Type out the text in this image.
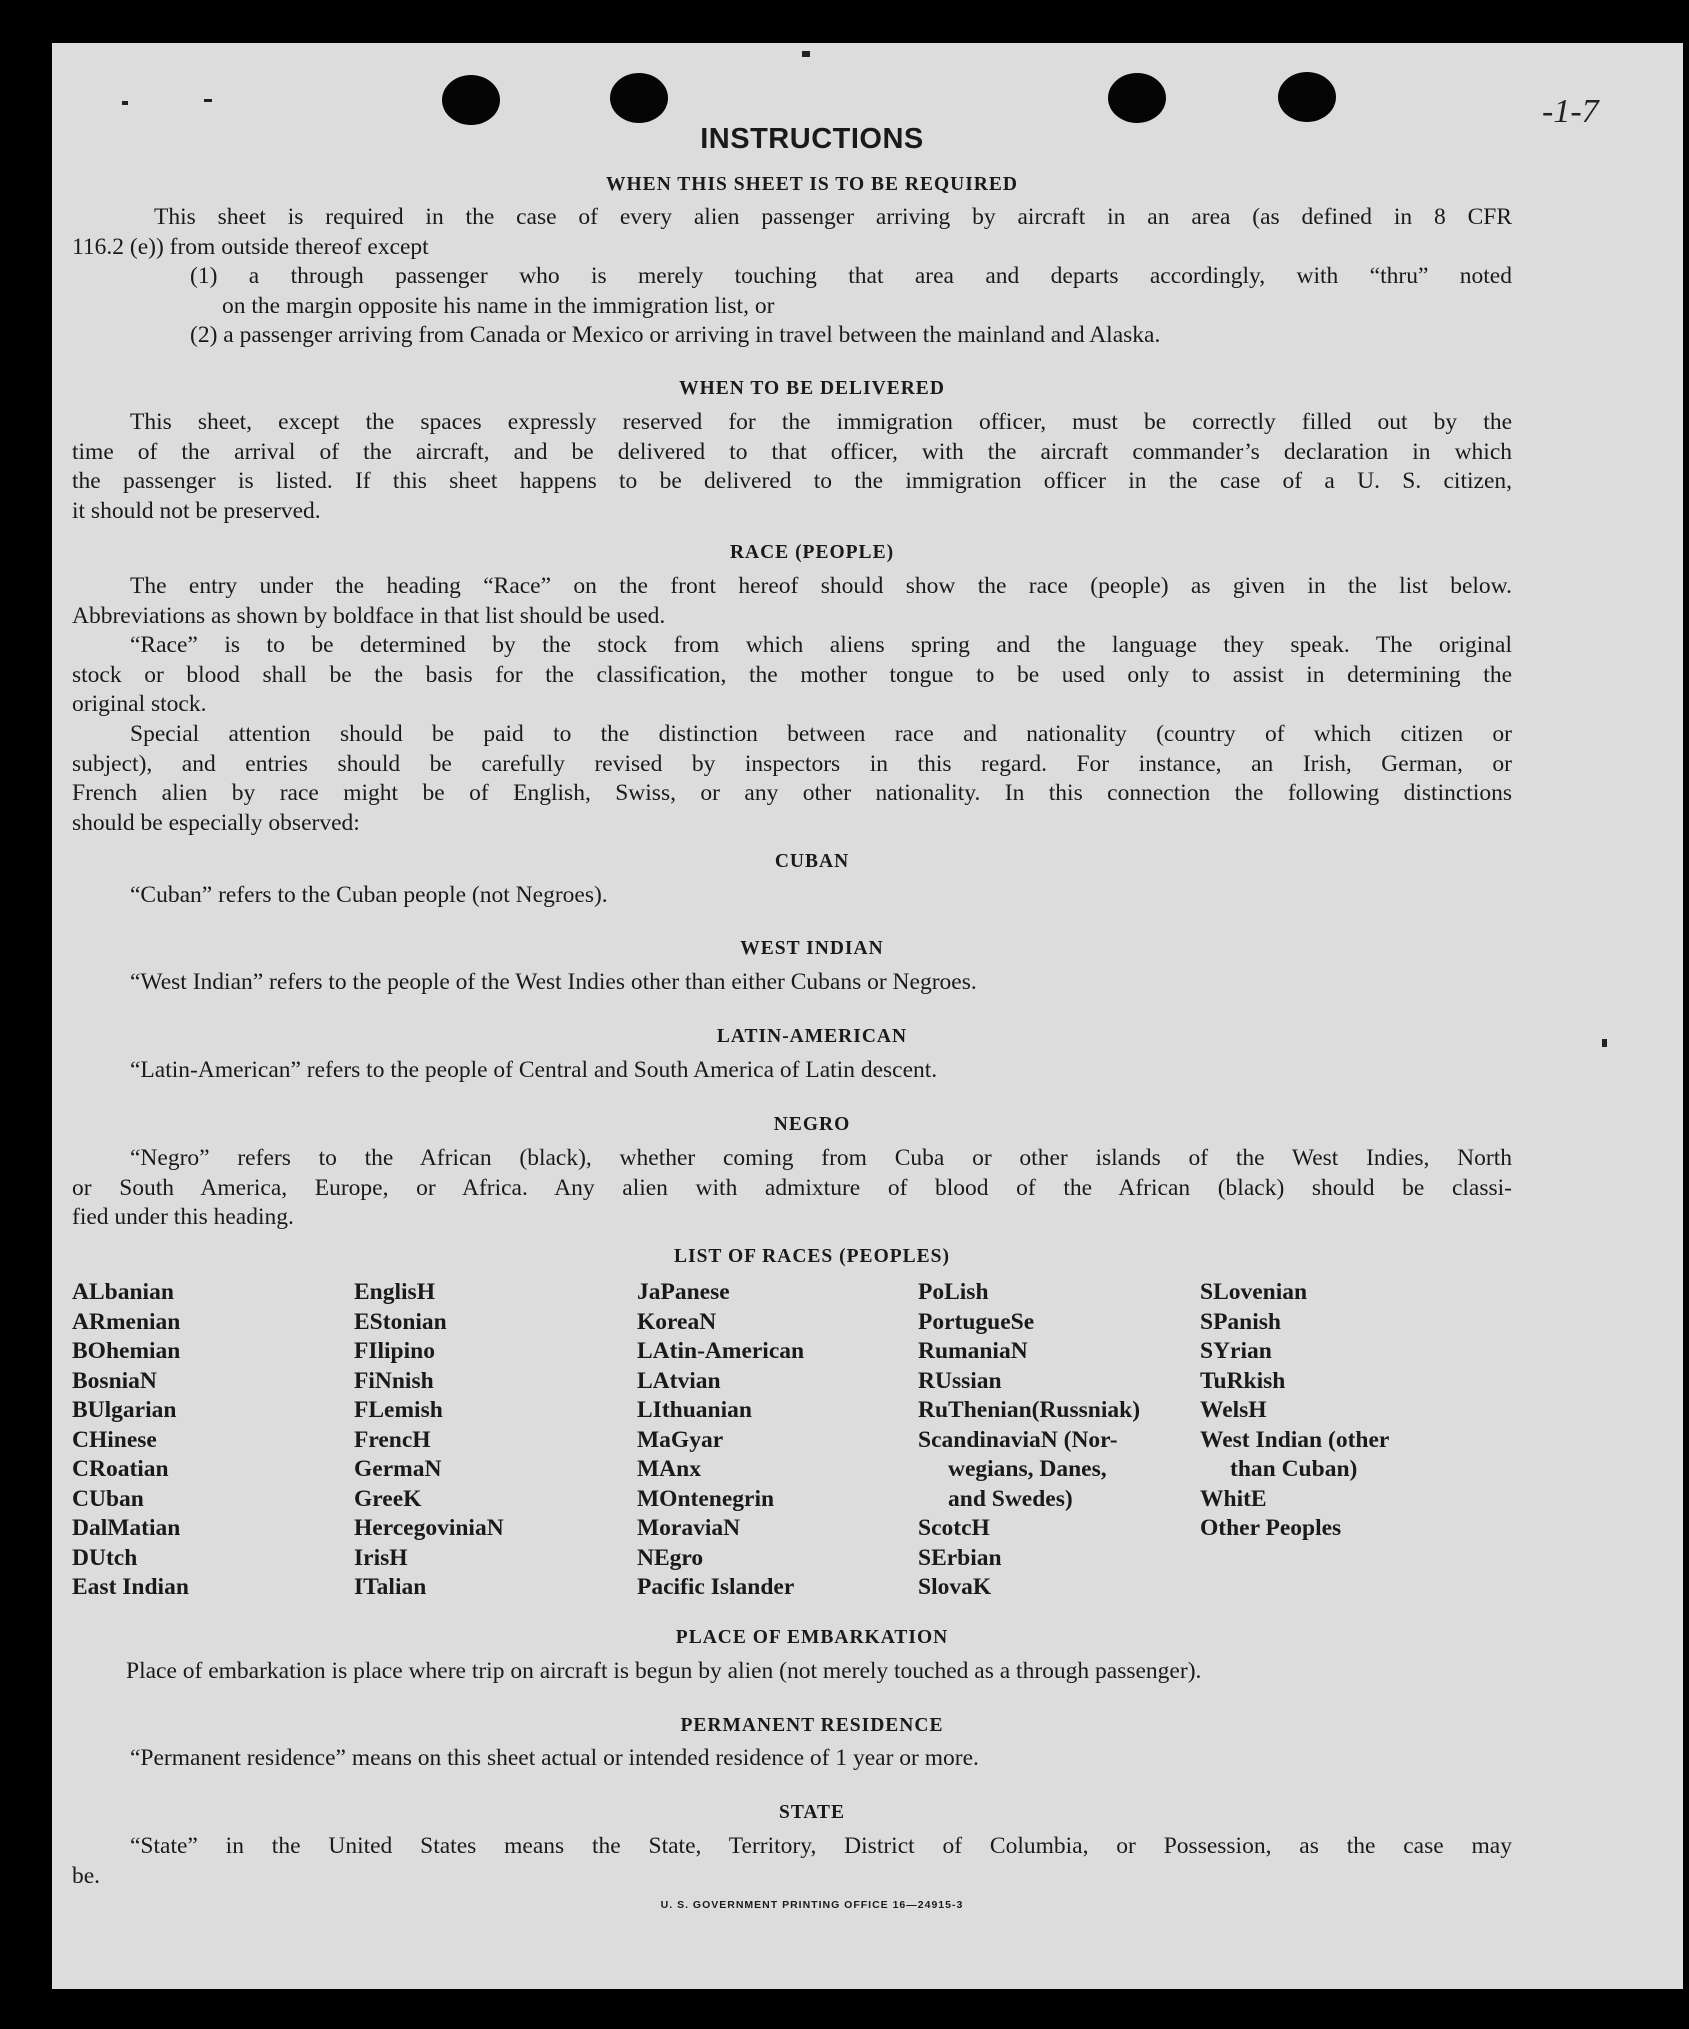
-1-7
INSTRUCTIONS
WHEN THIS SHEET IS TO BE REQUIRED
This sheet is required in the case of every alien passenger arriving by aircraft in an area (as defined in 8 CFR
116.2 (e)) from outside thereof except
(1) a through passenger who is merely touching that area and departs accordingly, with “thru” noted
on the margin opposite his name in the immigration list, or
(2) a passenger arriving from Canada or Mexico or arriving in travel between the mainland and Alaska.
WHEN TO BE DELIVERED
This sheet, except the spaces expressly reserved for the immigration officer, must be correctly filled out by the
time of the arrival of the aircraft, and be delivered to that officer, with the aircraft commander’s declaration in which
the passenger is listed. If this sheet happens to be delivered to the immigration officer in the case of a U. S. citizen,
it should not be preserved.
RACE (PEOPLE)
The entry under the heading “Race” on the front hereof should show the race (people) as given in the list below.
Abbreviations as shown by boldface in that list should be used.
“Race” is to be determined by the stock from which aliens spring and the language they speak. The original
stock or blood shall be the basis for the classification, the mother tongue to be used only to assist in determining the
original stock.
Special attention should be paid to the distinction between race and nationality (country of which citizen or
subject), and entries should be carefully revised by inspectors in this regard. For instance, an Irish, German, or
French alien by race might be of English, Swiss, or any other nationality. In this connection the following distinctions
should be especially observed:
CUBAN
“Cuban” refers to the Cuban people (not Negroes).
WEST INDIAN
“West Indian” refers to the people of the West Indies other than either Cubans or Negroes.
LATIN-AMERICAN
“Latin-American” refers to the people of Central and South America of Latin descent.
NEGRO
“Negro” refers to the African (black), whether coming from Cuba or other islands of the West Indies, North
or South America, Europe, or Africa. Any alien with admixture of blood of the African (black) should be classi-
fied under this heading.
LIST OF RACES (PEOPLES)
ALbanian
ARmenian
BOhemian
BosniaN
BUlgarian
CHinese
CRoatian
CUban
DalMatian
DUtch
East Indian
EnglisH
EStonian
FIlipino
FiNnish
FLemish
FrencH
GermaN
GreeK
HercegoviniaN
IrisH
ITalian
JaPanese
KoreaN
LAtin-American
LAtvian
LIthuanian
MaGyar
MAnx
MOntenegrin
MoraviaN
NEgro
Pacific Islander
PoLish
PortugueSe
RumaniaN
RUssian
RuThenian(Russniak)
ScandinaviaN (Nor-
wegians, Danes,
and Swedes)
ScotcH
SErbian
SlovaK
SLovenian
SPanish
SYrian
TuRkish
WelsH
West Indian (other
than Cuban)
WhitE
Other Peoples
PLACE OF EMBARKATION
Place of embarkation is place where trip on aircraft is begun by alien (not merely touched as a through passenger).
PERMANENT RESIDENCE
“Permanent residence” means on this sheet actual or intended residence of 1 year or more.
STATE
“State” in the United States means the State, Territory, District of Columbia, or Possession, as the case may
be.
U. S. GOVERNMENT PRINTING OFFICE 16—24915-3
